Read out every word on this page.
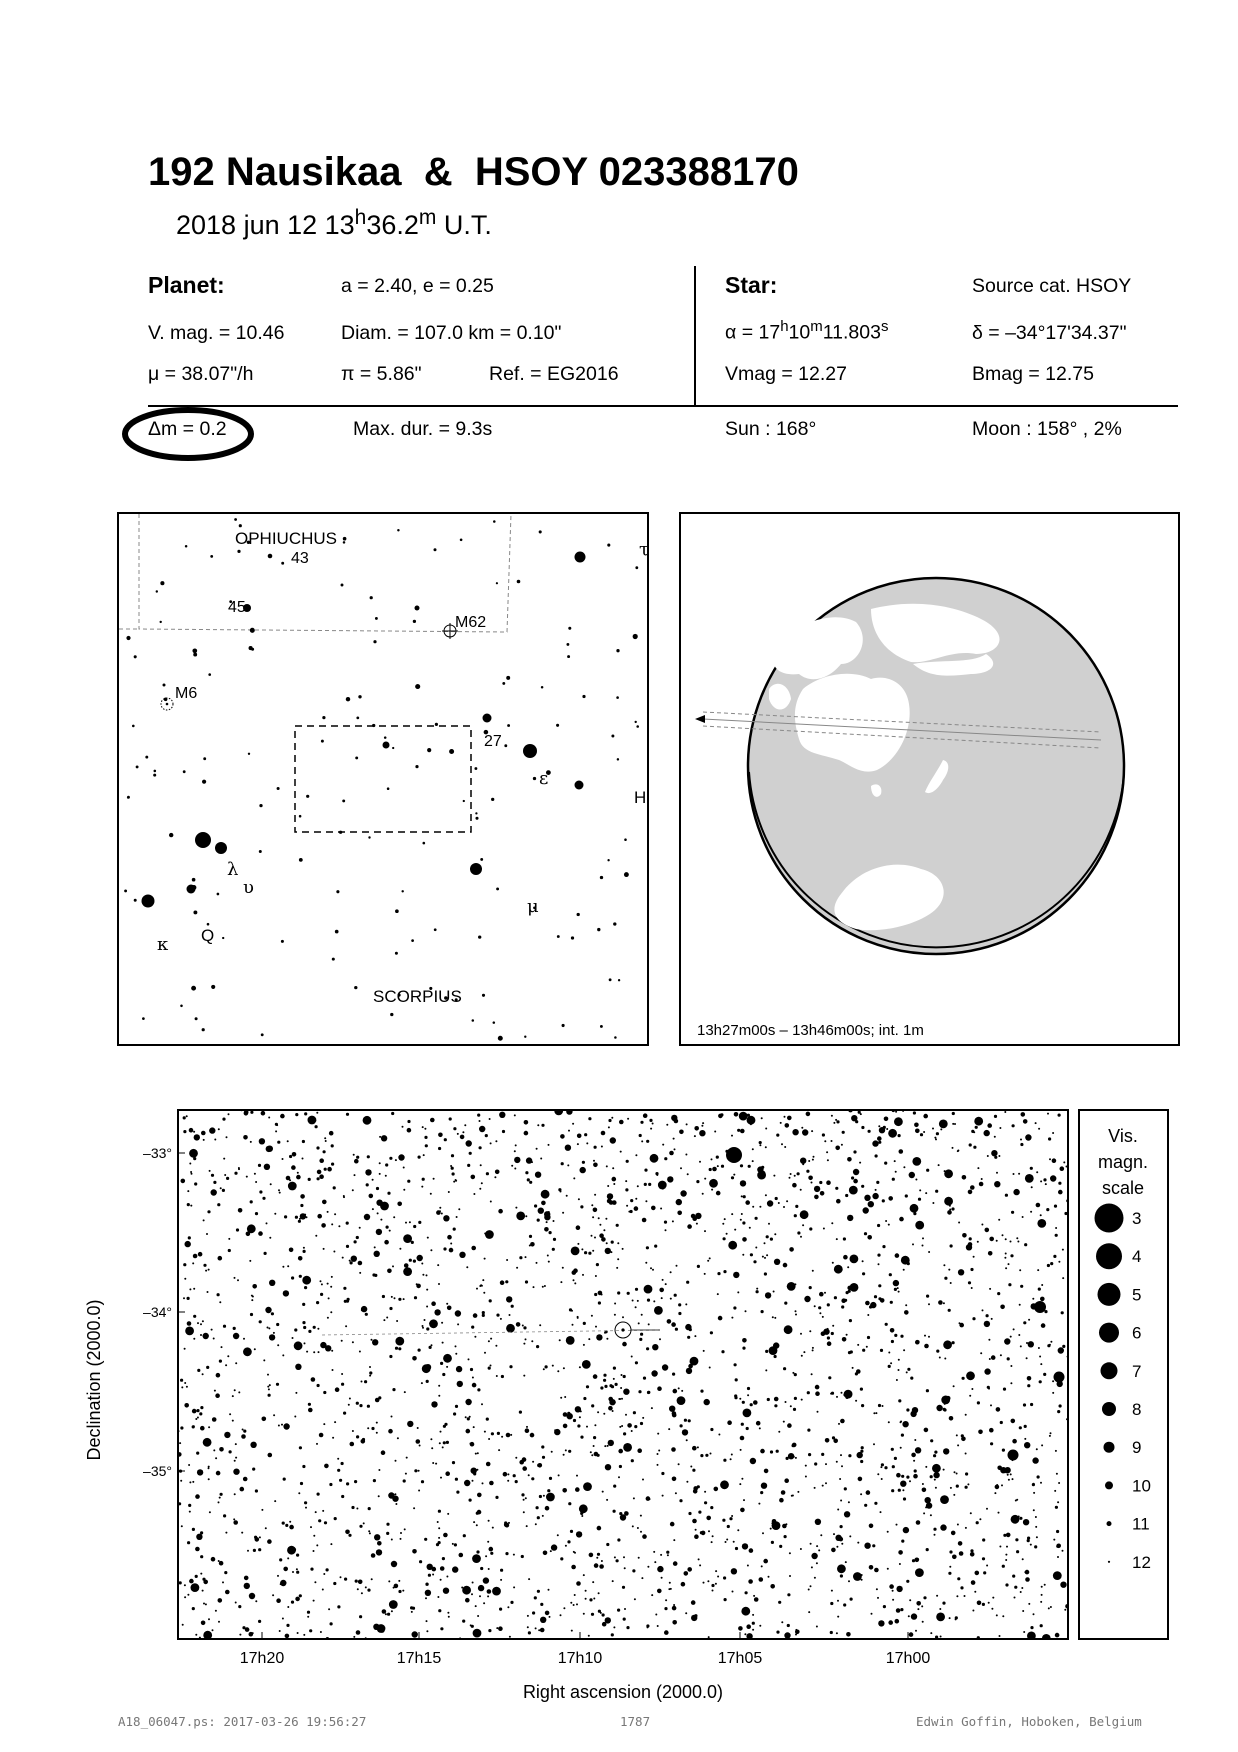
192 Nausikaa  &  HSOY 023388170
2018 jun 12 13$^h$36.2$^m$ U.T.
Planet:	a = 2.40, e = 0.25
V. mag. = 10.46	Diam. = 107.0 km = 0.10"
μ = 38.07"/h	π = 5.86"	Ref. = EG2016
Star:	Source cat. HSOY
$\alpha = 17^h10^m11.803^s$	δ = –34°17'34.37"
Vmag = 12.27	Bmag = 12.75
Δm = 0.2	Max. dur. = 9.3s	Sun : 168°	Moon : 158° , 2%
OPHIUCHUS
SCORPIUS
43
45
M62
M6
27
τ
ε
H
λ
υ
μ
Q
κ
13h27m00s – 13h46m00s; int. 1m
–33°
–34°
–35°
17h20	17h15	17h10	17h05	17h00
Declination (2000.0)
Right ascension (2000.0)
Vis.
magn.
scale
3
4
5
6
7
8
9
10
11
12
A18_06047.ps: 2017-03-26 19:56:27	1787	Edwin Goffin, Hoboken, Belgium
